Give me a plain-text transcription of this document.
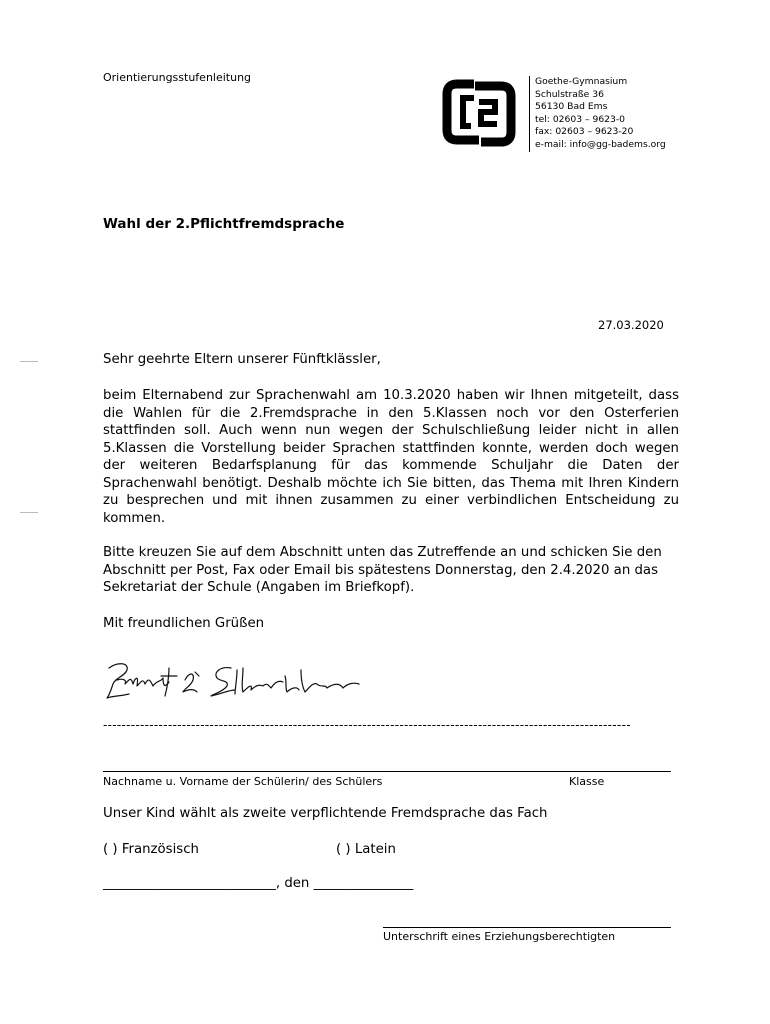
Orientierungsstufenleitung	Goethe-Gymnasium
Schulstraße 36
56130 Bad Ems
tel: 02603 – 9623-0
fax: 02603 – 9623-20
e-mail: info@gg-badems.org
Wahl der 2.Pflichtfremdsprache
27.03.2020
Sehr geehrte Eltern unserer Fünftklässler,
beim Elternabend zur Sprachenwahl am 10.3.2020 haben wir Ihnen mitgeteilt, dass die Wahlen für die 2.Fremdsprache in den 5.Klassen noch vor den Osterferien stattfinden soll. Auch wenn nun wegen der Schulschließung leider nicht in allen 5.Klassen die Vorstellung beider Sprachen stattfinden konnte, werden doch wegen der weiteren Bedarfsplanung für das kommende Schuljahr die Daten der Sprachenwahl benötigt. Deshalb möchte ich Sie bitten, das Thema mit Ihren Kindern zu besprechen und mit ihnen zusammen zu einer verbindlichen Entscheidung zu kommen.
Bitte kreuzen Sie auf dem Abschnitt unten das Zutreffende an und schicken Sie den Abschnitt per Post, Fax oder Email bis spätestens Donnerstag, den 2.4.2020 an das Sekretariat der Schule (Angaben im Briefkopf).
Mit freundlichen Grüßen
------------------------------------------------------------------------------------------------------------------
Nachname u. Vorname der Schülerin/ des Schülers	Klasse
Unser Kind wählt als zweite verpflichtende Fremdsprache das Fach
( ) Französisch	( ) Latein
__________________________, den _______________
Unterschrift eines Erziehungsberechtigten
